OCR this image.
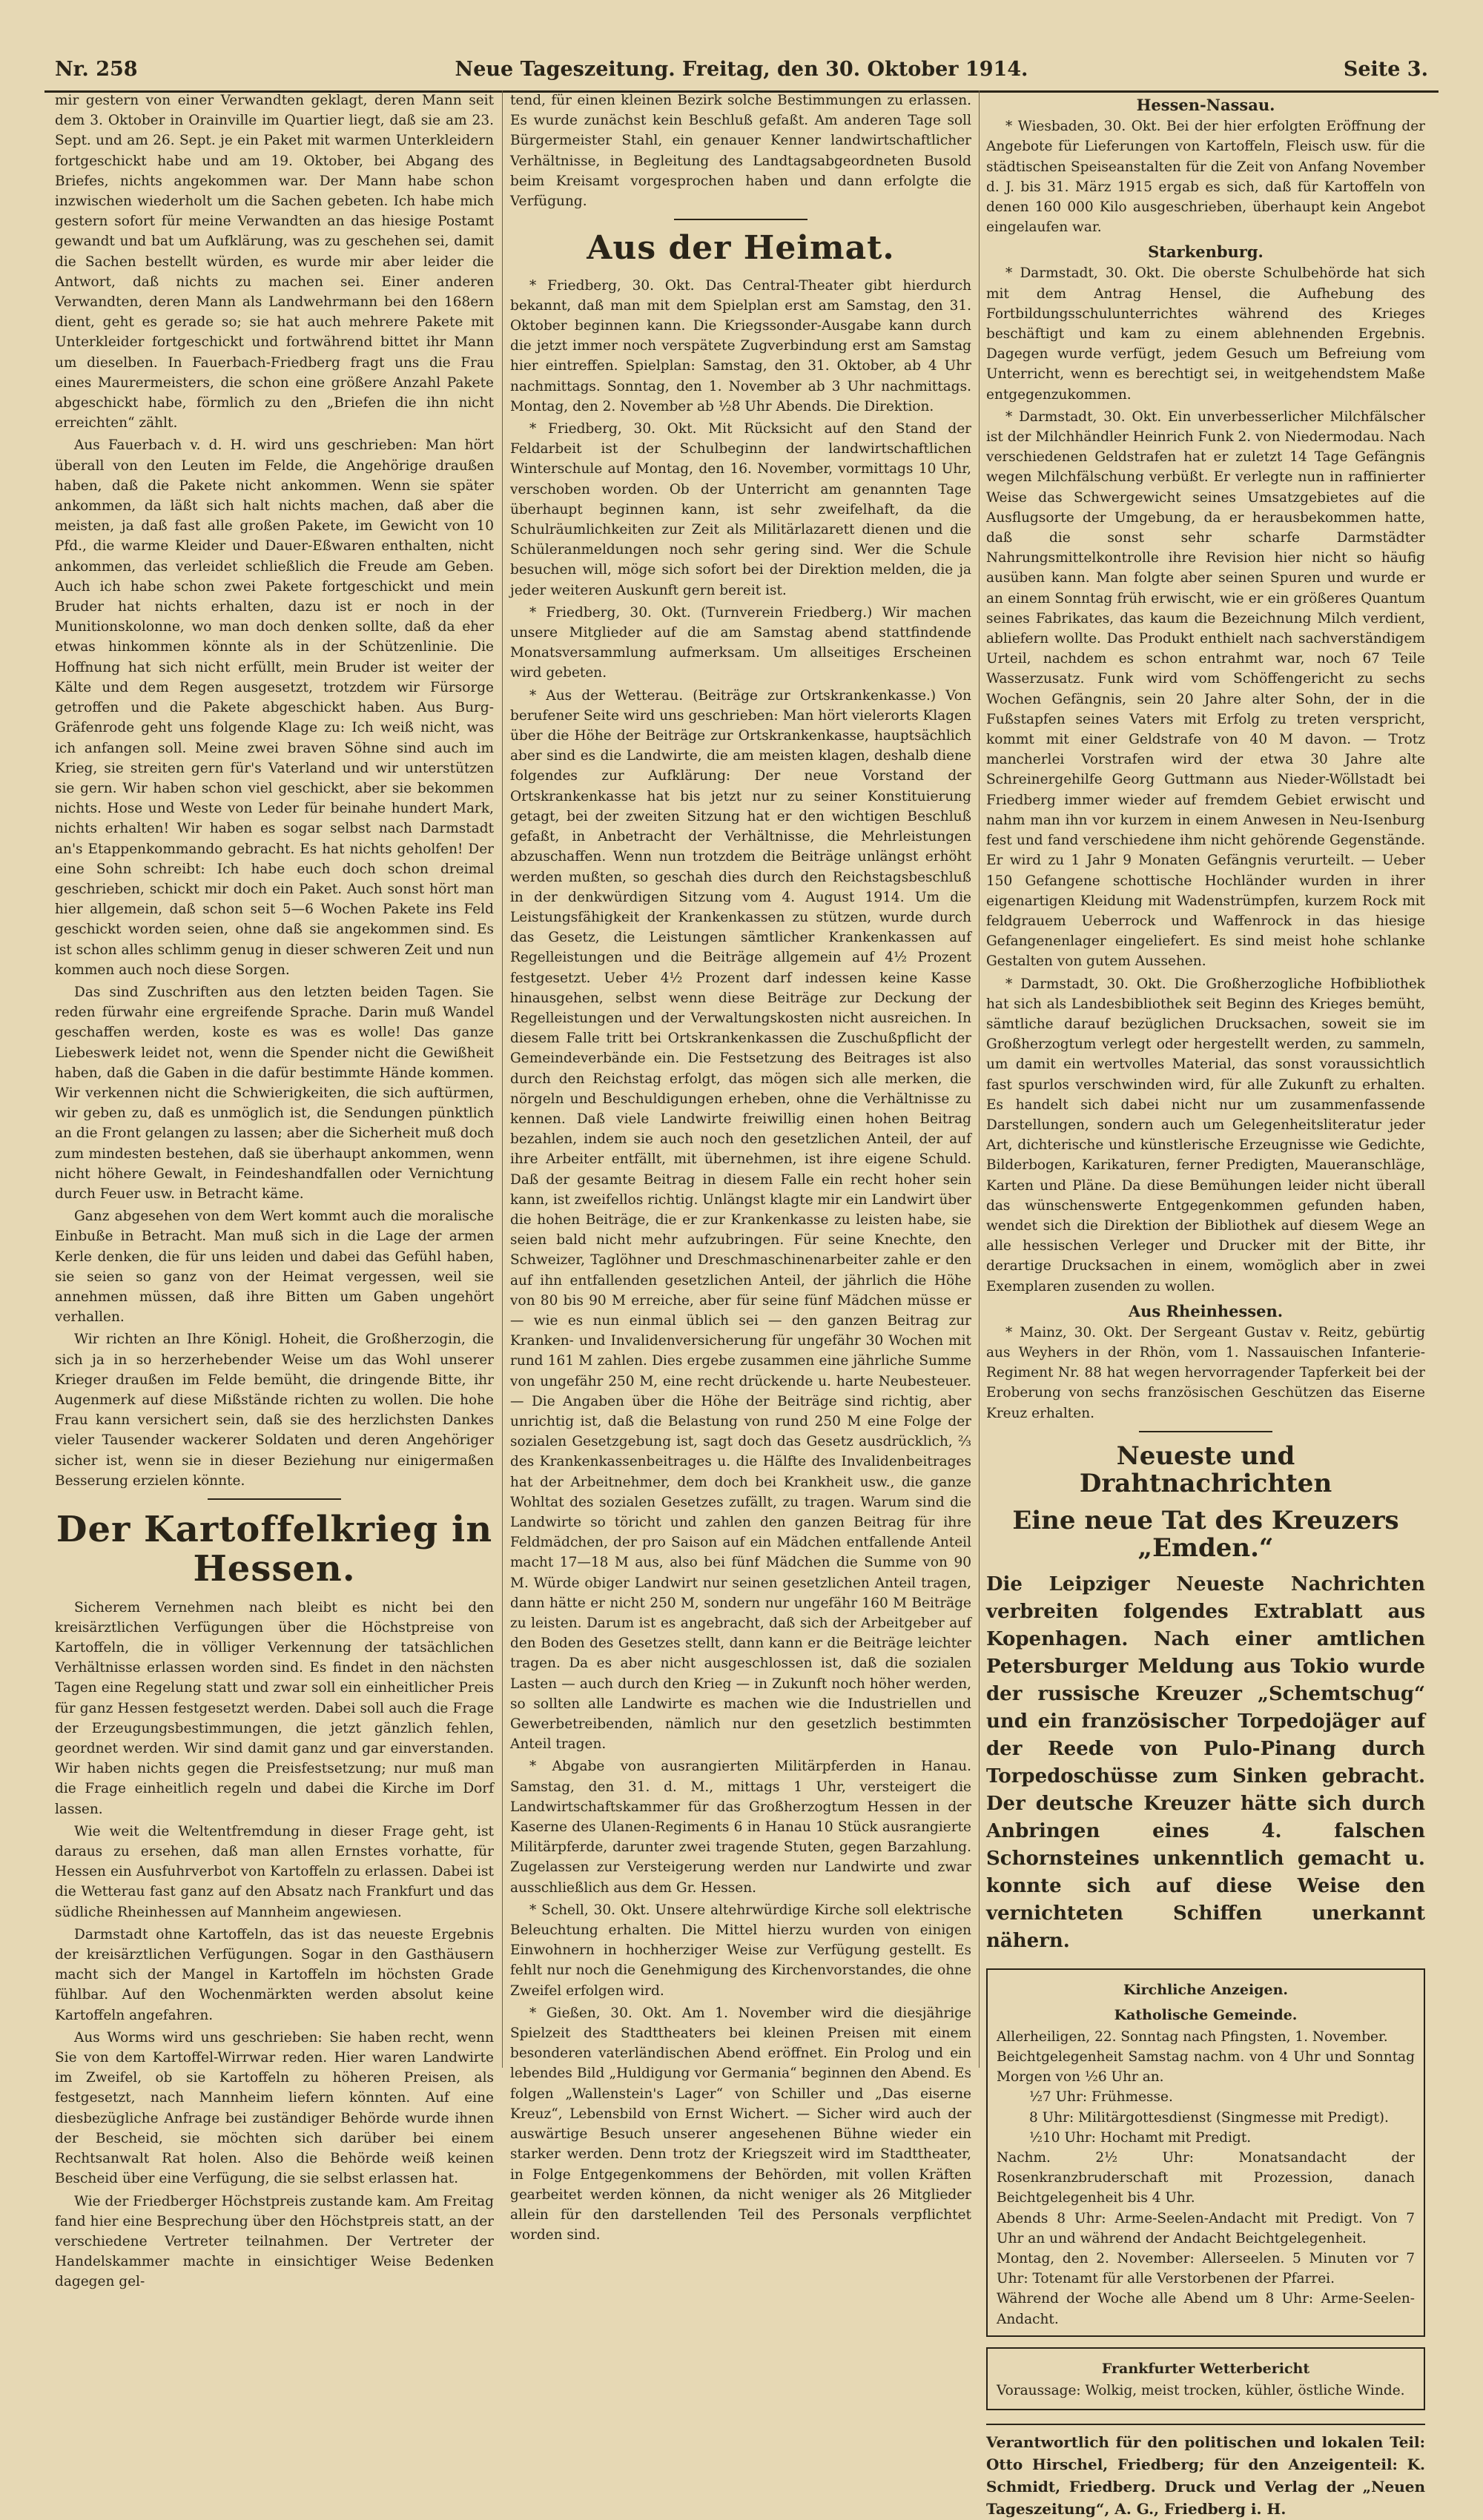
Nr. 258	Neue Tageszeitung. Freitag, den 30. Oktober 1914.	Seite 3.

mir gestern von einer Verwandten geklagt, deren Mann seit dem 3. Oktober in Orainville im Quartier liegt, daß sie am 23. Sept. und am 26. Sept. je ein Paket mit warmen Unterkleidern fortgeschickt habe und am 19. Oktober, bei Abgang des Briefes, nichts angekommen war. Der Mann habe schon inzwischen wiederholt um die Sachen gebeten. Ich habe mich gestern sofort für meine Verwandten an das hiesige Postamt gewandt und bat um Aufklärung, was zu geschehen sei, damit die Sachen bestellt würden, es wurde mir aber leider die Antwort, daß nichts zu machen sei. Einer anderen Verwandten, deren Mann als Landwehrmann bei den 168ern dient, geht es gerade so; sie hat auch mehrere Pakete mit Unterkleider fortgeschickt und fortwährend bittet ihr Mann um dieselben. In Fauerbach-Friedberg fragt uns die Frau eines Maurermeisters, die schon eine größere Anzahl Pakete abgeschickt habe, förmlich zu den „Briefen die ihn nicht erreichten“ zählt.

Aus Fauerbach v. d. H. wird uns geschrieben: Man hört überall von den Leuten im Felde, die Angehörige draußen haben, daß die Pakete nicht ankommen. Wenn sie später ankommen, da läßt sich halt nichts machen, daß aber die meisten, ja daß fast alle großen Pakete, im Gewicht von 10 Pfd., die warme Kleider und Dauer-Eßwaren enthalten, nicht ankommen, das verleidet schließlich die Freude am Geben. Auch ich habe schon zwei Pakete fortgeschickt und mein Bruder hat nichts erhalten, dazu ist er noch in der Munitionskolonne, wo man doch denken sollte, daß da eher etwas hinkommen könnte als in der Schützenlinie. Die Hoffnung hat sich nicht erfüllt, mein Bruder ist weiter der Kälte und dem Regen ausgesetzt, trotzdem wir Fürsorge getroffen und die Pakete abgeschickt haben. Aus Burg-Gräfenrode geht uns folgende Klage zu: Ich weiß nicht, was ich anfangen soll. Meine zwei braven Söhne sind auch im Krieg, sie streiten gern für's Vaterland und wir unterstützen sie gern. Wir haben schon viel geschickt, aber sie bekommen nichts. Hose und Weste von Leder für beinahe hundert Mark, nichts erhalten! Wir haben es sogar selbst nach Darmstadt an's Etappenkommando gebracht. Es hat nichts geholfen! Der eine Sohn schreibt: Ich habe euch doch schon dreimal geschrieben, schickt mir doch ein Paket. Auch sonst hört man hier allgemein, daß schon seit 5—6 Wochen Pakete ins Feld geschickt worden seien, ohne daß sie angekommen sind. Es ist schon alles schlimm genug in dieser schweren Zeit und nun kommen auch noch diese Sorgen.

Das sind Zuschriften aus den letzten beiden Tagen. Sie reden fürwahr eine ergreifende Sprache. Darin muß Wandel geschaffen werden, koste es was es wolle! Das ganze Liebeswerk leidet not, wenn die Spender nicht die Gewißheit haben, daß die Gaben in die dafür bestimmte Hände kommen. Wir verkennen nicht die Schwierigkeiten, die sich auftürmen, wir geben zu, daß es unmöglich ist, die Sendungen pünktlich an die Front gelangen zu lassen; aber die Sicherheit muß doch zum mindesten bestehen, daß sie überhaupt ankommen, wenn nicht höhere Gewalt, in Feindeshandfallen oder Vernichtung durch Feuer usw. in Betracht käme.

Ganz abgesehen von dem Wert kommt auch die moralische Einbuße in Betracht. Man muß sich in die Lage der armen Kerle denken, die für uns leiden und dabei das Gefühl haben, sie seien so ganz von der Heimat vergessen, weil sie annehmen müssen, daß ihre Bitten um Gaben ungehört verhallen.

Wir richten an Ihre Königl. Hoheit, die Großherzogin, die sich ja in so herzerhebender Weise um das Wohl unserer Krieger draußen im Felde bemüht, die dringende Bitte, ihr Augenmerk auf diese Mißstände richten zu wollen. Die hohe Frau kann versichert sein, daß sie des herzlichsten Dankes vieler Tausender wackerer Soldaten und deren Angehöriger sicher ist, wenn sie in dieser Beziehung nur einigermaßen Besserung erzielen könnte.

Der Kartoffelkrieg in Hessen.

Sicherem Vernehmen nach bleibt es nicht bei den kreisärztlichen Verfügungen über die Höchstpreise von Kartoffeln, die in völliger Verkennung der tatsächlichen Verhältnisse erlassen worden sind. Es findet in den nächsten Tagen eine Regelung statt und zwar soll ein einheitlicher Preis für ganz Hessen festgesetzt werden. Dabei soll auch die Frage der Erzeugungsbestimmungen, die jetzt gänzlich fehlen, geordnet werden. Wir sind damit ganz und gar einverstanden. Wir haben nichts gegen die Preisfestsetzung; nur muß man die Frage einheitlich regeln und dabei die Kirche im Dorf lassen.

Wie weit die Weltentfremdung in dieser Frage geht, ist daraus zu ersehen, daß man allen Ernstes vorhatte, für Hessen ein Ausfuhrverbot von Kartoffeln zu erlassen. Dabei ist die Wetterau fast ganz auf den Absatz nach Frankfurt und das südliche Rheinhessen auf Mannheim angewiesen.

Darmstadt ohne Kartoffeln, das ist das neueste Ergebnis der kreisärztlichen Verfügungen. Sogar in den Gasthäusern macht sich der Mangel in Kartoffeln im höchsten Grade fühlbar. Auf den Wochenmärkten werden absolut keine Kartoffeln angefahren.

Aus Worms wird uns geschrieben: Sie haben recht, wenn Sie von dem Kartoffel-Wirrwar reden. Hier waren Landwirte im Zweifel, ob sie Kartoffeln zu höheren Preisen, als festgesetzt, nach Mannheim liefern könnten. Auf eine diesbezügliche Anfrage bei zuständiger Behörde wurde ihnen der Bescheid, sie möchten sich darüber bei einem Rechtsanwalt Rat holen. Also die Behörde weiß keinen Bescheid über eine Verfügung, die sie selbst erlassen hat.

Wie der Friedberger Höchstpreis zustande kam. Am Freitag fand hier eine Besprechung über den Höchstpreis statt, an der verschiedene Vertreter teilnahmen. Der Vertreter der Handelskammer machte in einsichtiger Weise Bedenken dagegen gel-

tend, für einen kleinen Bezirk solche Bestimmungen zu erlassen. Es wurde zunächst kein Beschluß gefaßt. Am anderen Tage soll Bürgermeister Stahl, ein genauer Kenner landwirtschaftlicher Verhältnisse, in Begleitung des Landtagsabgeordneten Busold beim Kreisamt vorgesprochen haben und dann erfolgte die Verfügung.

Aus der Heimat.

* Friedberg, 30. Okt. Das Central-Theater gibt hierdurch bekannt, daß man mit dem Spielplan erst am Samstag, den 31. Oktober beginnen kann. Die Kriegssonder-Ausgabe kann durch die jetzt immer noch verspätete Zugverbindung erst am Samstag hier eintreffen. Spielplan: Samstag, den 31. Oktober, ab 4 Uhr nachmittags. Sonntag, den 1. November ab 3 Uhr nachmittags. Montag, den 2. November ab ½8 Uhr Abends. Die Direktion.

* Friedberg, 30. Okt. Mit Rücksicht auf den Stand der Feldarbeit ist der Schulbeginn der landwirtschaftlichen Winterschule auf Montag, den 16. November, vormittags 10 Uhr, verschoben worden. Ob der Unterricht am genannten Tage überhaupt beginnen kann, ist sehr zweifelhaft, da die Schulräumlichkeiten zur Zeit als Militärlazarett dienen und die Schüleranmeldungen noch sehr gering sind. Wer die Schule besuchen will, möge sich sofort bei der Direktion melden, die ja jeder weiteren Auskunft gern bereit ist.

* Friedberg, 30. Okt. (Turnverein Friedberg.) Wir machen unsere Mitglieder auf die am Samstag abend stattfindende Monatsversammlung aufmerksam. Um allseitiges Erscheinen wird gebeten.

* Aus der Wetterau. (Beiträge zur Ortskrankenkasse.) Von berufener Seite wird uns geschrieben: Man hört vielerorts Klagen über die Höhe der Beiträge zur Ortskrankenkasse, hauptsächlich aber sind es die Landwirte, die am meisten klagen, deshalb diene folgendes zur Aufklärung: Der neue Vorstand der Ortskrankenkasse hat bis jetzt nur zu seiner Konstituierung getagt, bei der zweiten Sitzung hat er den wichtigen Beschluß gefaßt, in Anbetracht der Verhältnisse, die Mehrleistungen abzuschaffen. Wenn nun trotzdem die Beiträge unlängst erhöht werden mußten, so geschah dies durch den Reichstagsbeschluß in der denkwürdigen Sitzung vom 4. August 1914. Um die Leistungsfähigkeit der Krankenkassen zu stützen, wurde durch das Gesetz, die Leistungen sämtlicher Krankenkassen auf Regelleistungen und die Beiträge allgemein auf 4½ Prozent festgesetzt. Ueber 4½ Prozent darf indessen keine Kasse hinausgehen, selbst wenn diese Beiträge zur Deckung der Regelleistungen und der Verwaltungskosten nicht ausreichen. In diesem Falle tritt bei Ortskrankenkassen die Zuschußpflicht der Gemeindeverbände ein. Die Festsetzung des Beitrages ist also durch den Reichstag erfolgt, das mögen sich alle merken, die nörgeln und Beschuldigungen erheben, ohne die Verhältnisse zu kennen. Daß viele Landwirte freiwillig einen hohen Beitrag bezahlen, indem sie auch noch den gesetzlichen Anteil, der auf ihre Arbeiter entfällt, mit übernehmen, ist ihre eigene Schuld. Daß der gesamte Beitrag in diesem Falle ein recht hoher sein kann, ist zweifellos richtig. Unlängst klagte mir ein Landwirt über die hohen Beiträge, die er zur Krankenkasse zu leisten habe, sie seien bald nicht mehr aufzubringen. Für seine Knechte, den Schweizer, Taglöhner und Dreschmaschinenarbeiter zahle er den auf ihn entfallenden gesetzlichen Anteil, der jährlich die Höhe von 80 bis 90 M erreiche, aber für seine fünf Mädchen müsse er — wie es nun einmal üblich sei — den ganzen Beitrag zur Kranken- und Invalidenversicherung für ungefähr 30 Wochen mit rund 161 M zahlen. Dies ergebe zusammen eine jährliche Summe von ungefähr 250 M, eine recht drückende u. harte Neubesteuer. — Die Angaben über die Höhe der Beiträge sind richtig, aber unrichtig ist, daß die Belastung von rund 250 M eine Folge der sozialen Gesetzgebung ist, sagt doch das Gesetz ausdrücklich, ⅔ des Krankenkassenbeitrages u. die Hälfte des Invalidenbeitrages hat der Arbeitnehmer, dem doch bei Krankheit usw., die ganze Wohltat des sozialen Gesetzes zufällt, zu tragen. Warum sind die Landwirte so töricht und zahlen den ganzen Beitrag für ihre Feldmädchen, der pro Saison auf ein Mädchen entfallende Anteil macht 17—18 M aus, also bei fünf Mädchen die Summe von 90 M. Würde obiger Landwirt nur seinen gesetzlichen Anteil tragen, dann hätte er nicht 250 M, sondern nur ungefähr 160 M Beiträge zu leisten. Darum ist es angebracht, daß sich der Arbeitgeber auf den Boden des Gesetzes stellt, dann kann er die Beiträge leichter tragen. Da es aber nicht ausgeschlossen ist, daß die sozialen Lasten — auch durch den Krieg — in Zukunft noch höher werden, so sollten alle Landwirte es machen wie die Industriellen und Gewerbetreibenden, nämlich nur den gesetzlich bestimmten Anteil tragen.

* Abgabe von ausrangierten Militärpferden in Hanau. Samstag, den 31. d. M., mittags 1 Uhr, versteigert die Landwirtschaftskammer für das Großherzogtum Hessen in der Kaserne des Ulanen-Regiments 6 in Hanau 10 Stück ausrangierte Militärpferde, darunter zwei tragende Stuten, gegen Barzahlung. Zugelassen zur Versteigerung werden nur Landwirte und zwar ausschließlich aus dem Gr. Hessen.

* Schell, 30. Okt. Unsere altehrwürdige Kirche soll elektrische Beleuchtung erhalten. Die Mittel hierzu wurden von einigen Einwohnern in hochherziger Weise zur Verfügung gestellt. Es fehlt nur noch die Genehmigung des Kirchenvorstandes, die ohne Zweifel erfolgen wird.

* Gießen, 30. Okt. Am 1. November wird die diesjährige Spielzeit des Stadttheaters bei kleinen Preisen mit einem besonderen vaterländischen Abend eröffnet. Ein Prolog und ein lebendes Bild „Huldigung vor Germania“ beginnen den Abend. Es folgen „Wallenstein's Lager“ von Schiller und „Das eiserne Kreuz“, Lebensbild von Ernst Wichert. — Sicher wird auch der auswärtige Besuch unserer angesehenen Bühne wieder ein starker werden. Denn trotz der Kriegszeit wird im Stadttheater, in Folge Entgegenkommens der Behörden, mit vollen Kräften gearbeitet werden können, da nicht weniger als 26 Mitglieder allein für den darstellenden Teil des Personals verpflichtet worden sind.

Hessen-Nassau.

* Wiesbaden, 30. Okt. Bei der hier erfolgten Eröffnung der Angebote für Lieferungen von Kartoffeln, Fleisch usw. für die städtischen Speiseanstalten für die Zeit von Anfang November d. J. bis 31. März 1915 ergab es sich, daß für Kartoffeln von denen 160 000 Kilo ausgeschrieben, überhaupt kein Angebot eingelaufen war.

Starkenburg.

* Darmstadt, 30. Okt. Die oberste Schulbehörde hat sich mit dem Antrag Hensel, die Aufhebung des Fortbildungsschulunterrichtes während des Krieges beschäftigt und kam zu einem ablehnenden Ergebnis. Dagegen wurde verfügt, jedem Gesuch um Befreiung vom Unterricht, wenn es berechtigt sei, in weitgehendstem Maße entgegenzukommen.

* Darmstadt, 30. Okt. Ein unverbesserlicher Milchfälscher ist der Milchhändler Heinrich Funk 2. von Niedermodau. Nach verschiedenen Geldstrafen hat er zuletzt 14 Tage Gefängnis wegen Milchfälschung verbüßt. Er verlegte nun in raffinierter Weise das Schwergewicht seines Umsatzgebietes auf die Ausflugsorte der Umgebung, da er herausbekommen hatte, daß die sonst sehr scharfe Darmstädter Nahrungsmittelkontrolle ihre Revision hier nicht so häufig ausüben kann. Man folgte aber seinen Spuren und wurde er an einem Sonntag früh erwischt, wie er ein größeres Quantum seines Fabrikates, das kaum die Bezeichnung Milch verdient, abliefern wollte. Das Produkt enthielt nach sachverständigem Urteil, nachdem es schon entrahmt war, noch 67 Teile Wasserzusatz. Funk wird vom Schöffengericht zu sechs Wochen Gefängnis, sein 20 Jahre alter Sohn, der in die Fußstapfen seines Vaters mit Erfolg zu treten verspricht, kommt mit einer Geldstrafe von 40 M davon. — Trotz mancherlei Vorstrafen wird der etwa 30 Jahre alte Schreinergehilfe Georg Guttmann aus Nieder-Wöllstadt bei Friedberg immer wieder auf fremdem Gebiet erwischt und nahm man ihn vor kurzem in einem Anwesen in Neu-Isenburg fest und fand verschiedene ihm nicht gehörende Gegenstände. Er wird zu 1 Jahr 9 Monaten Gefängnis verurteilt. — Ueber 150 Gefangene schottische Hochländer wurden in ihrer eigenartigen Kleidung mit Wadenstrümpfen, kurzem Rock mit feldgrauem Ueberrock und Waffenrock in das hiesige Gefangenenlager eingeliefert. Es sind meist hohe schlanke Gestalten von gutem Aussehen.

* Darmstadt, 30. Okt. Die Großherzogliche Hofbibliothek hat sich als Landesbibliothek seit Beginn des Krieges bemüht, sämtliche darauf bezüglichen Drucksachen, soweit sie im Großherzogtum verlegt oder hergestellt werden, zu sammeln, um damit ein wertvolles Material, das sonst voraussichtlich fast spurlos verschwinden wird, für alle Zukunft zu erhalten. Es handelt sich dabei nicht nur um zusammenfassende Darstellungen, sondern auch um Gelegenheitsliteratur jeder Art, dichterische und künstlerische Erzeugnisse wie Gedichte, Bilderbogen, Karikaturen, ferner Predigten, Maueranschläge, Karten und Pläne. Da diese Bemühungen leider nicht überall das wünschenswerte Entgegenkommen gefunden haben, wendet sich die Direktion der Bibliothek auf diesem Wege an alle hessischen Verleger und Drucker mit der Bitte, ihr derartige Drucksachen in einem, womöglich aber in zwei Exemplaren zusenden zu wollen.

Aus Rheinhessen.

* Mainz, 30. Okt. Der Sergeant Gustav v. Reitz, gebürtig aus Weyhers in der Rhön, vom 1. Nassauischen Infanterie-Regiment Nr. 88 hat wegen hervorragender Tapferkeit bei der Eroberung von sechs französischen Geschützen das Eiserne Kreuz erhalten.

Neueste und Drahtnachrichten
Eine neue Tat des Kreuzers „Emden.“
Die Leipziger Neueste Nachrichten verbreiten folgendes Extrablatt aus Kopenhagen. Nach einer amtlichen Petersburger Meldung aus Tokio wurde der russische Kreuzer „Schemtschug“ und ein französischer Torpedojäger auf der Reede von Pulo-Pinang durch Torpedoschüsse zum Sinken gebracht. Der deutsche Kreuzer hätte sich durch Anbringen eines 4. falschen Schornsteines unkenntlich gemacht u. konnte sich auf diese Weise den vernichteten Schiffen unerkannt nähern.
Kirchliche Anzeigen.
Katholische Gemeinde.

Allerheiligen, 22. Sonntag nach Pfingsten, 1. November.

Beichtgelegenheit Samstag nachm. von 4 Uhr und Sonntag Morgen von ½6 Uhr an.

½7 Uhr: Frühmesse.

8 Uhr: Militärgottesdienst (Singmesse mit Predigt).

½10 Uhr: Hochamt mit Predigt.

Nachm. 2½ Uhr: Monatsandacht der Rosenkranzbruderschaft mit Prozession, danach Beichtgelegenheit bis 4 Uhr.

Abends 8 Uhr: Arme-Seelen-Andacht mit Predigt. Von 7 Uhr an und während der Andacht Beichtgelegenheit.

Montag, den 2. November: Allerseelen. 5 Minuten vor 7 Uhr: Totenamt für alle Verstorbenen der Pfarrei.

Während der Woche alle Abend um 8 Uhr: Arme-Seelen-Andacht.

Frankfurter Wetterbericht

Voraussage: Wolkig, meist trocken, kühler, östliche Winde.

Verantwortlich für den politischen und lokalen Teil: Otto Hirschel, Friedberg; für den Anzeigenteil: K. Schmidt, Friedberg. Druck und Verlag der „Neuen Tageszeitung“, A. G., Friedberg i. H.
